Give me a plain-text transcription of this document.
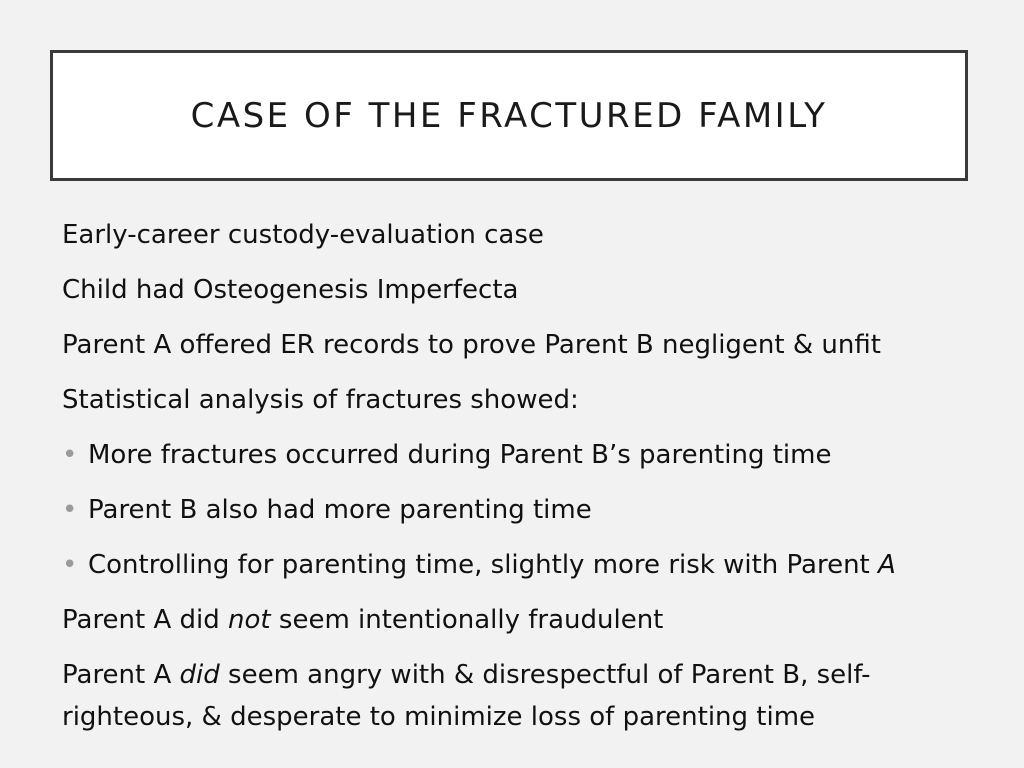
CASE OF THE FRACTURED FAMILY
Early-career custody-evaluation case
Child had Osteogenesis Imperfecta
Parent A offered ER records to prove Parent B negligent & unfit
Statistical analysis of fractures showed:
• More fractures occurred during Parent B’s parenting time
• Parent B also had more parenting time
• Controlling for parenting time, slightly more risk with Parent A
Parent A did not seem intentionally fraudulent
Parent A did seem angry with & disrespectful of Parent B, self-righteous, & desperate to minimize loss of parenting time
